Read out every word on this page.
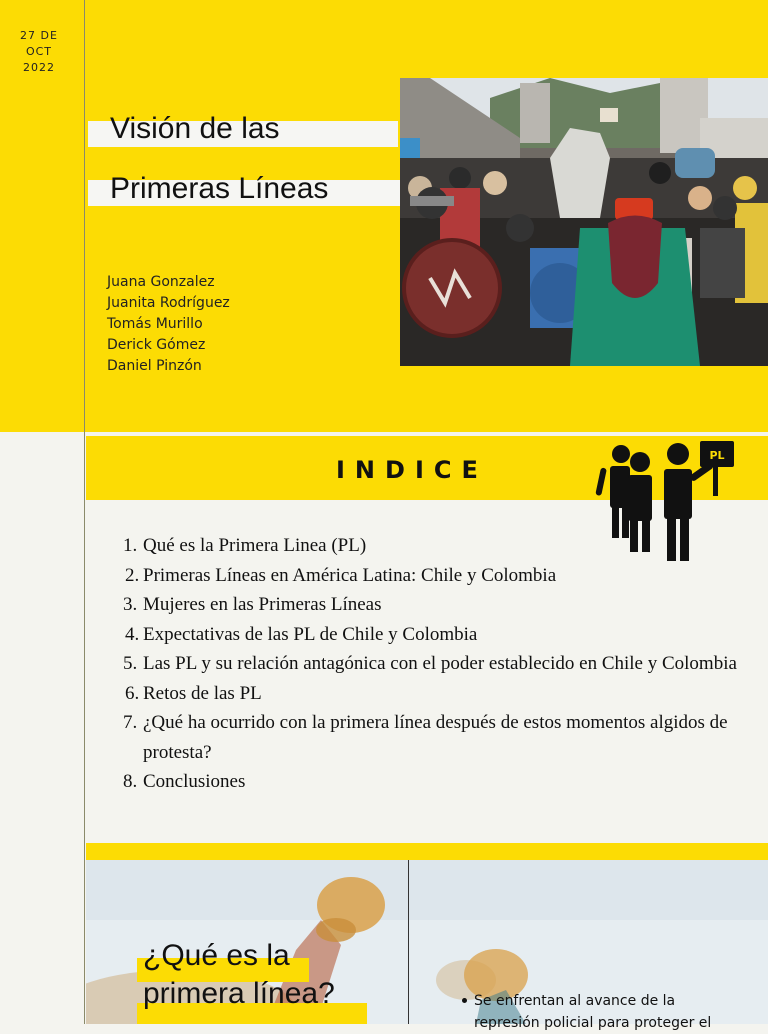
27 DE
OCT
2022
Visión de las
Primeras Líneas
Juana Gonzalez
Juanita Rodríguez
Tomás Murillo
Derick Gómez
Daniel Pinzón
INDICE
PL
1. Qué es la Primera Linea (PL)
2. Primeras Líneas en América Latina: Chile y Colombia
3. Mujeres en las Primeras Líneas
4. Expectativas de las PL de Chile y Colombia
5. Las PL y su relación antagónica con el poder establecido en Chile y Colombia
6. Retos de las PL
7. ¿Qué ha ocurrido con la primera línea después de estos momentos algidos de protesta?
8. Conclusiones
¿Qué es la
primera línea?	Se enfrentan al avance de la
represión policial para proteger el
